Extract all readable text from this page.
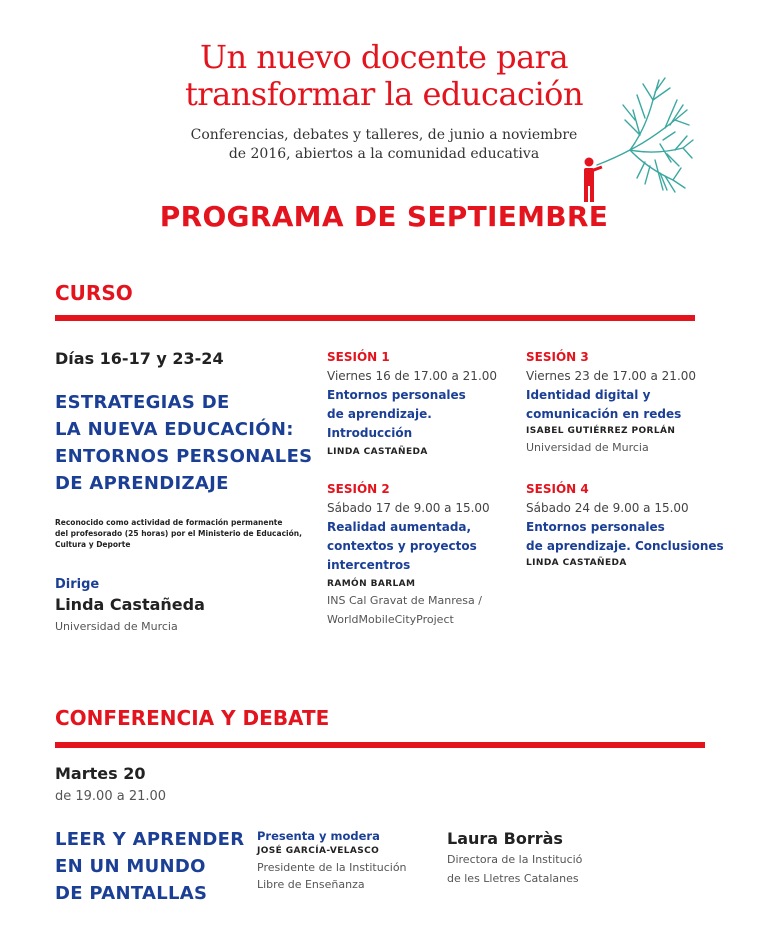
Un nuevo docente para
transformar la educación
Conferencias, debates y talleres, de junio a noviembre
de 2016, abiertos a la comunidad educativa
PROGRAMA DE SEPTIEMBRE
CURSO
Días 16-17 y 23-24
ESTRATEGIAS DE
LA NUEVA EDUCACIÓN:
ENTORNOS PERSONALES
DE APRENDIZAJE
Reconocido como actividad de formación permanente
del profesorado (25 horas) por el Ministerio de Educación,
Cultura y Deporte
Dirige
Linda Castañeda
Universidad de Murcia
SESIÓN 1
Viernes 16 de 17.00 a 21.00
Entornos personales
de aprendizaje.
Introducción
LINDA CASTAÑEDA
SESIÓN 2
Sábado 17 de 9.00 a 15.00
Realidad aumentada,
contextos y proyectos
intercentros
RAMÓN BARLAM
INS Cal Gravat de Manresa /
WorldMobileCityProject
SESIÓN 3
Viernes 23 de 17.00 a 21.00
Identidad digital y
comunicación en redes
ISABEL GUTIÉRREZ PORLÁN
Universidad de Murcia
SESIÓN 4
Sábado 24 de 9.00 a 15.00
Entornos personales
de aprendizaje. Conclusiones
LINDA CASTAÑEDA
CONFERENCIA Y DEBATE
Martes 20
de 19.00 a 21.00
LEER Y APRENDER
EN UN MUNDO
DE PANTALLAS
Presenta y modera
JOSÉ GARCÍA-VELASCO
Presidente de la Institución
Libre de Enseñanza
Laura Borràs
Directora de la Institució
de les Lletres Catalanes
